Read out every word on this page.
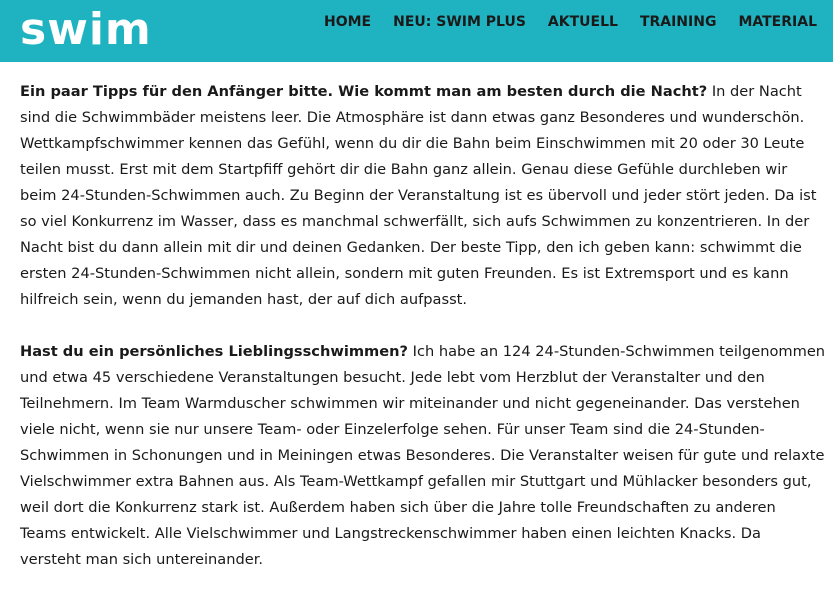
swim	HOME NEU: SWIM PLUS AKTUELL TRAINING MATERIAL

Ein paar Tipps für den Anfänger bitte. Wie kommt man am besten durch die Nacht? In der Nacht sind die Schwimmbäder meistens leer. Die Atmosphäre ist dann etwas ganz Besonderes und wunderschön. Wettkampfschwimmer kennen das Gefühl, wenn du dir die Bahn beim Einschwimmen mit 20 oder 30 Leute teilen musst. Erst mit dem Startpfiff gehört dir die Bahn ganz allein. Genau diese Gefühle durchleben wir beim 24-Stunden-Schwimmen auch. Zu Beginn der Veranstaltung ist es übervoll und jeder stört jeden. Da ist so viel Konkurrenz im Wasser, dass es manchmal schwerfällt, sich aufs Schwimmen zu konzentrieren. In der Nacht bist du dann allein mit dir und deinen Gedanken. Der beste Tipp, den ich geben kann: schwimmt die ersten 24-Stunden-Schwimmen nicht allein, sondern mit guten Freunden. Es ist Extremsport und es kann hilfreich sein, wenn du jemanden hast, der auf dich aufpasst.

Hast du ein persönliches Lieblingsschwimmen? Ich habe an 124 24-Stunden-Schwimmen teilgenommen und etwa 45 verschiedene Veranstaltungen besucht. Jede lebt vom Herzblut der Veranstalter und den Teilnehmern. Im Team Warmduscher schwimmen wir miteinander und nicht gegeneinander. Das verstehen viele nicht, wenn sie nur unsere Team- oder Einzelerfolge sehen. Für unser Team sind die 24-Stunden-Schwimmen in Schonungen und in Meiningen etwas Besonderes. Die Veranstalter weisen für gute und relaxte Vielschwimmer extra Bahnen aus. Als Team-Wettkampf gefallen mir Stuttgart und Mühlacker besonders gut, weil dort die Konkurrenz stark ist. Außerdem haben sich über die Jahre tolle Freundschaften zu anderen Teams entwickelt. Alle Vielschwimmer und Langstreckenschwimmer haben einen leichten Knacks. Da versteht man sich untereinander.
